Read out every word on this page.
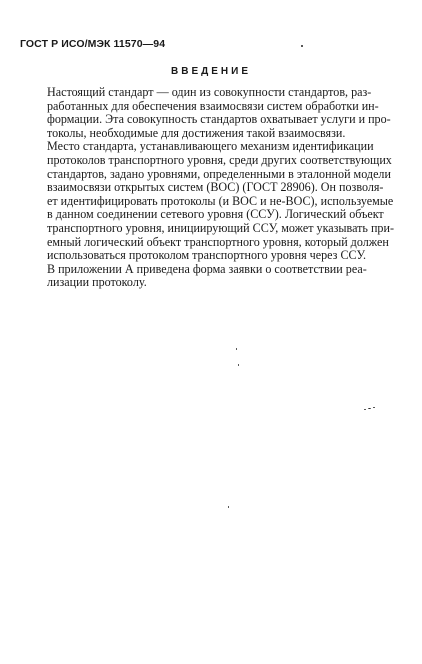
ГОСТ Р ИСО/МЭК 11570—94
ВВЕДЕНИЕ

Настоящий стандарт — один из совокупности стандартов, раз-
работанных для обеспечения взаимосвязи систем обработки ин-
формации. Эта совокупность стандартов охватывает услуги и про-
токолы, необходимые для достижения такой взаимосвязи.

Место стандарта, устанавливающего механизм идентификации
протоколов транспортного уровня, среди других соответствующих
стандартов, задано уровнями, определенными в эталонной модели
взаимосвязи открытых систем (ВОС) (ГОСТ 28906). Он позволя-
ет идентифицировать протоколы (и ВОС и не-ВОС), используемые
в данном соединении сетевого уровня (ССУ). Логический объект
транспортного уровня, инициирующий ССУ, может указывать при-
емный логический объект транспортного уровня, который должен
использоваться протоколом транспортного уровня через ССУ.

В приложении А приведена форма заявки о соответствии реа-
лизации протоколу.
